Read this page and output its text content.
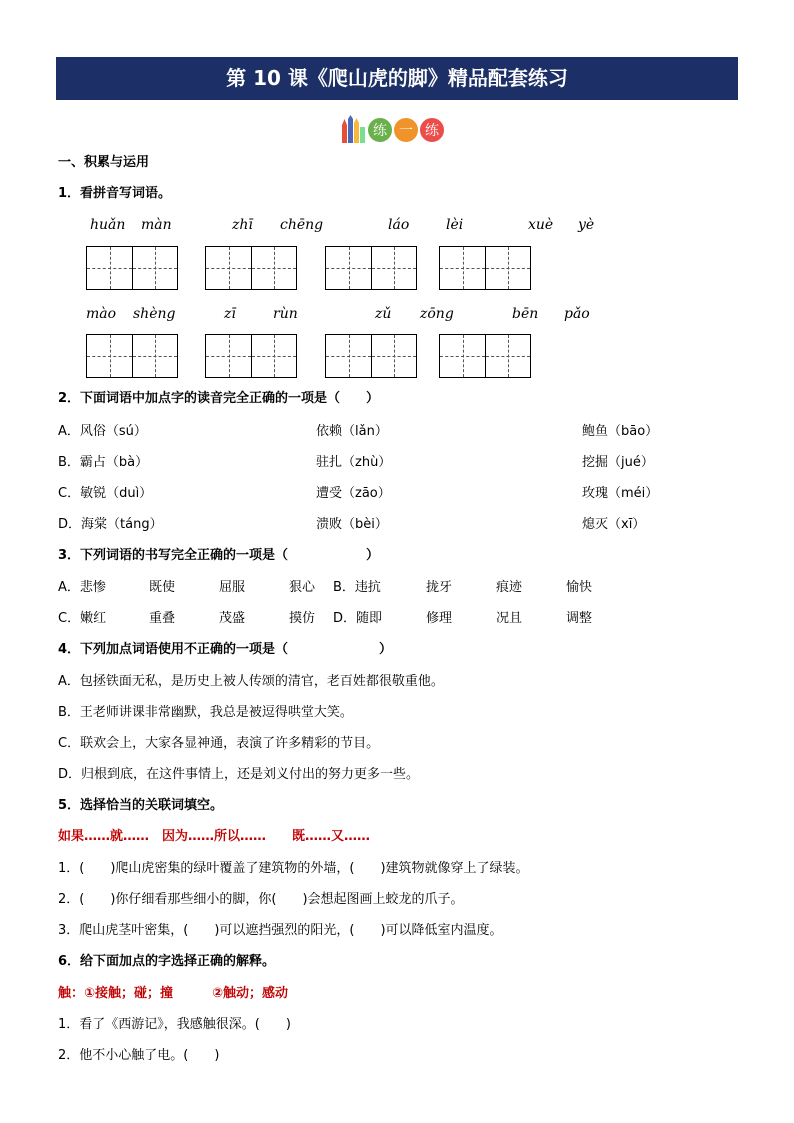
第 10 课《爬山虎的脚》精品配套练习
练 一 练
一、积累与运用
1．看拼音写词语。
huǎn màn	zhī chēng	láo	lèi	xuè yè
mào shèng	zī	rùn	zǔ zōng	bēn pǎo
2．下面词语中加点字的读音完全正确的一项是（　　）
A．风俗（sú）	依赖（lǎn）	鲍鱼（bāo）
B．霸占（bà）	驻扎（zhù）	挖掘（jué）
C．敏锐（duì）	遭受（zāo）	玫瑰（méi）
D．海棠（táng）	溃败（bèi）	熄灭（xī）
3．下列词语的书写完全正确的一项是（　　　　　　）
A．悲惨	既使	屈服	狠心 B．违抗	拢牙	痕迹	愉快
C．嫩红	重叠	茂盛	摸仿 D．随即	修理	况且	调整
4．下列加点词语使用不正确的一项是（　　　　　　　）
A．包拯铁面无私，是历史上被人传颂的清官，老百姓都很敬重他。
B．王老师讲课非常幽默，我总是被逗得哄堂大笑。
C．联欢会上，大家各显神通，表演了许多精彩的节目。
D．归根到底，在这件事情上，还是刘义付出的努力更多一些。
5．选择恰当的关联词填空。
如果……就……　因为……所以……　　既……又……
1．(　　)爬山虎密集的绿叶覆盖了建筑物的外墙，(　　)建筑物就像穿上了绿装。
2．(　　)你仔细看那些细小的脚，你(　　)会想起图画上蛟龙的爪子。
3．爬山虎茎叶密集，(　　)可以遮挡强烈的阳光，(　　)可以降低室内温度。
6．给下面加点的字选择正确的解释。
触：①接触；碰；撞　　　②触动；感动
1．看了《西游记》，我感触很深。(　　)
2．他不小心触了电。(　　)
